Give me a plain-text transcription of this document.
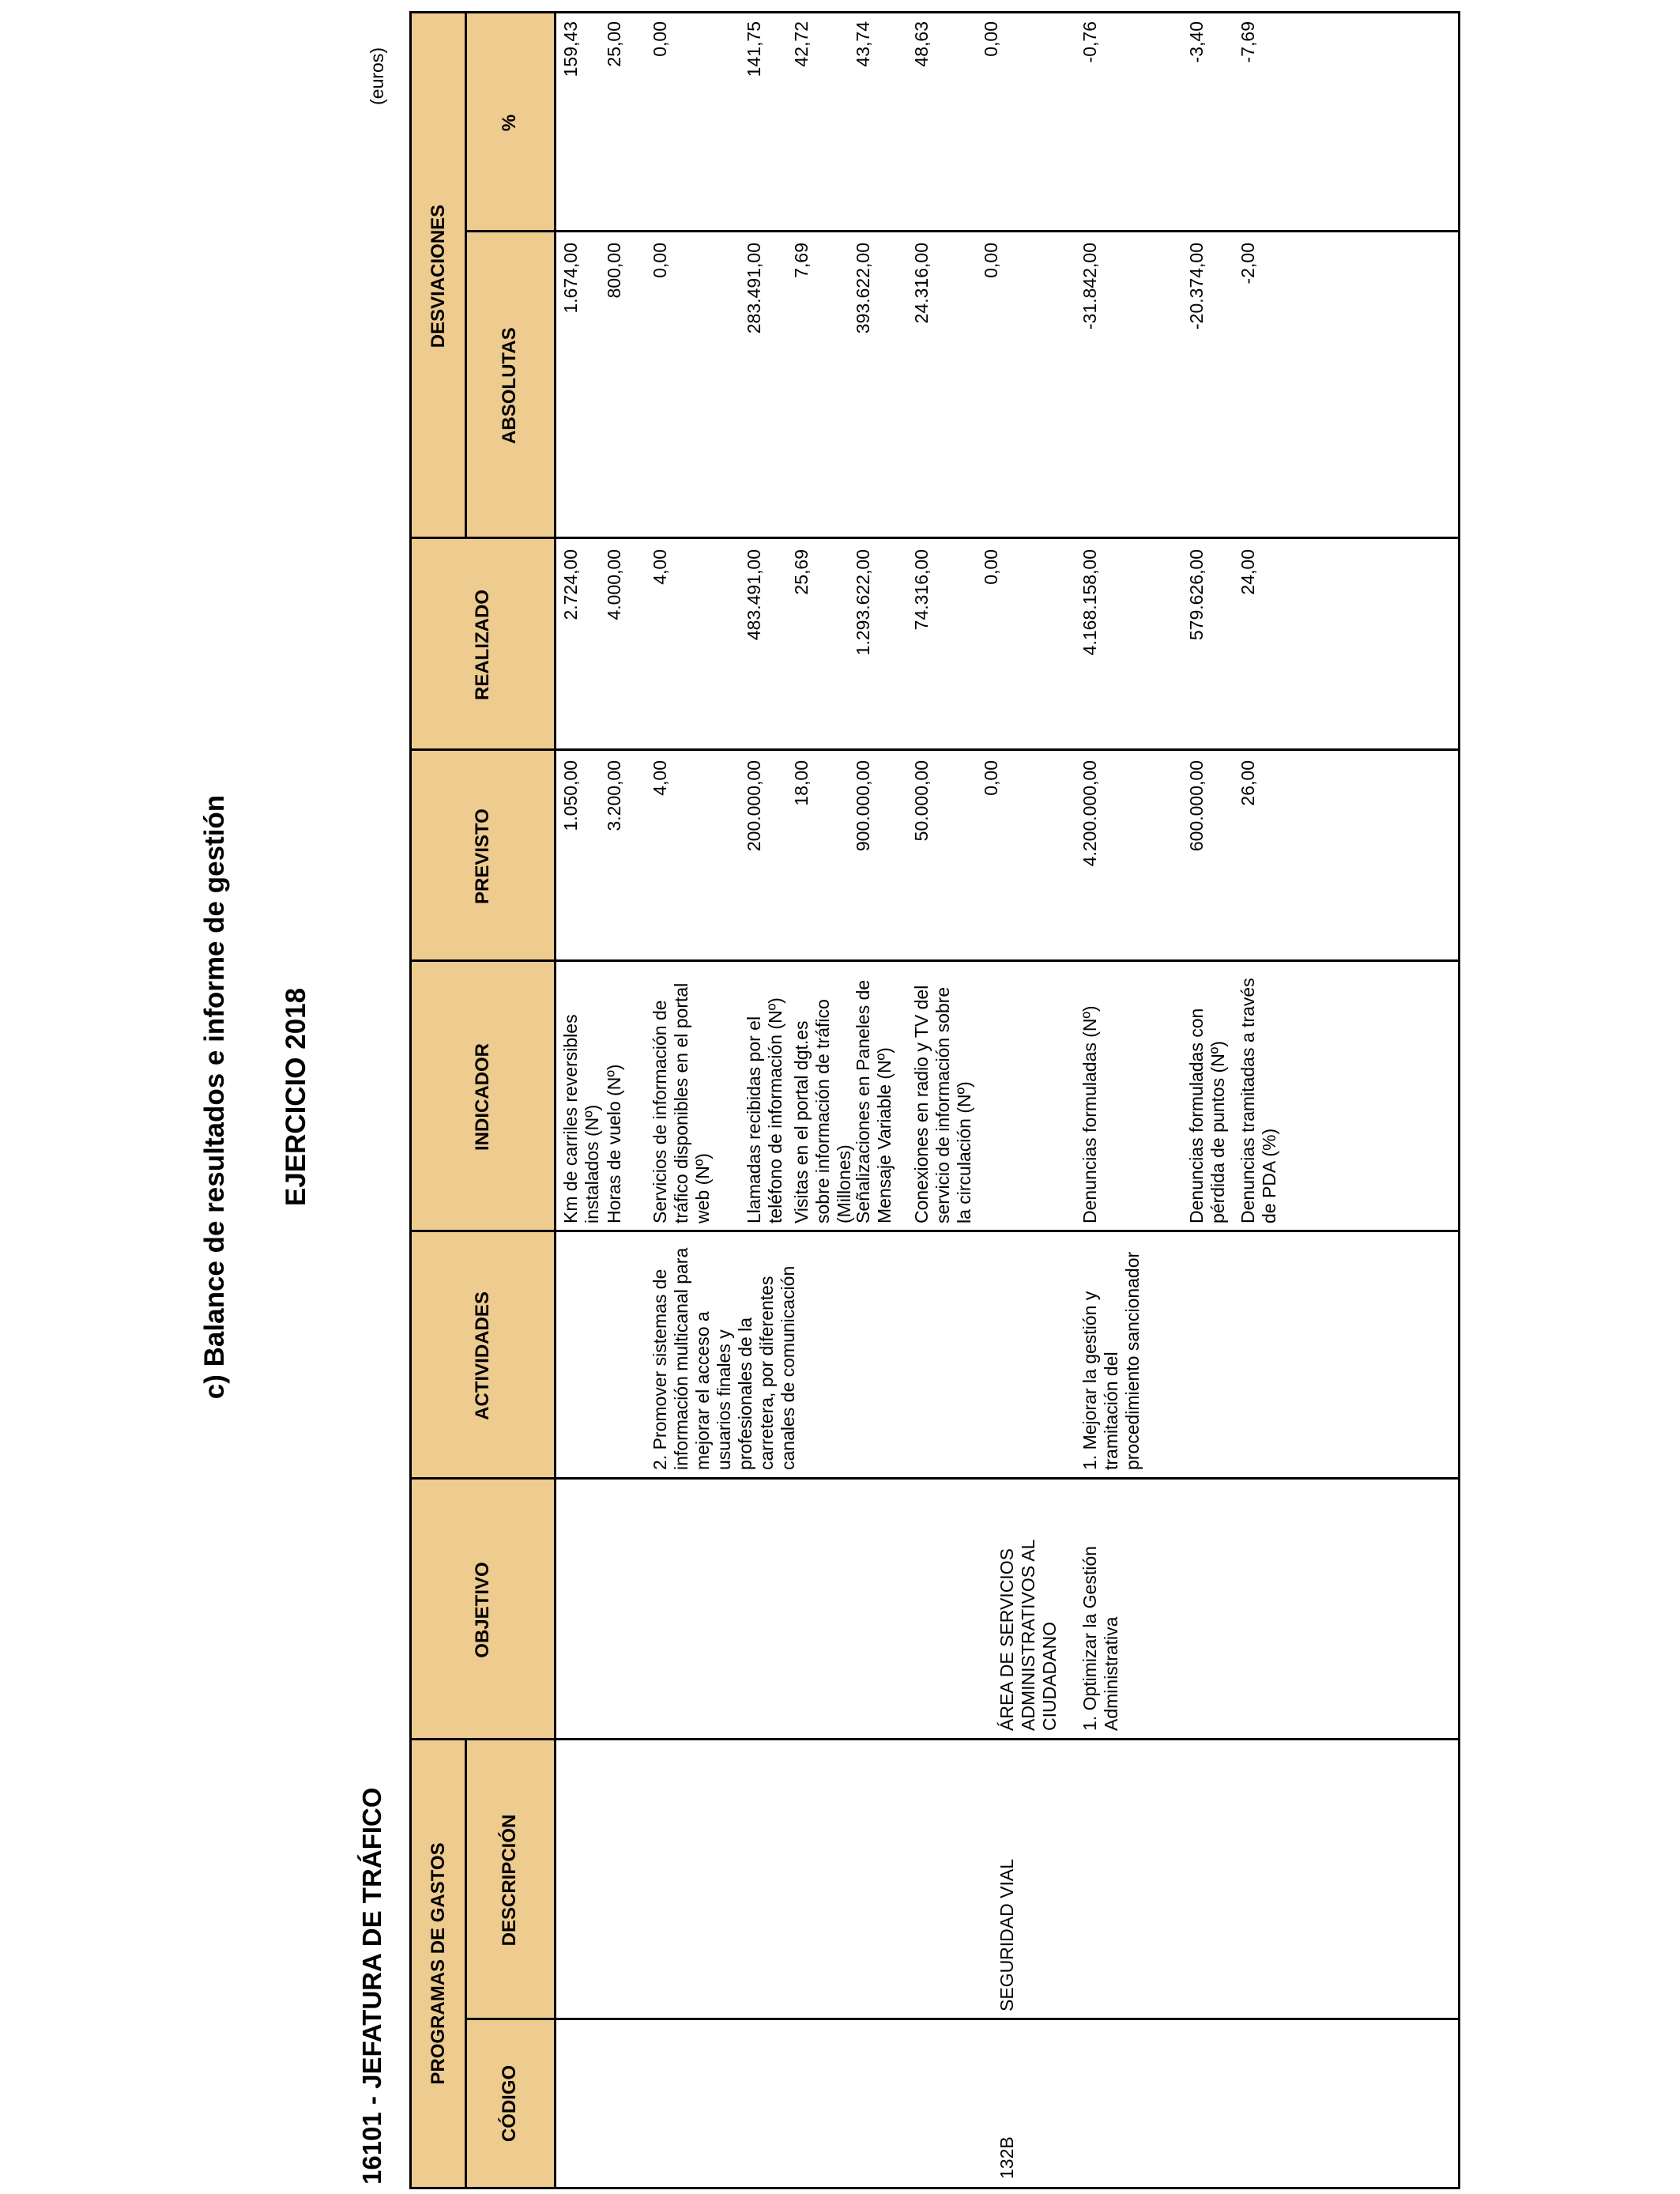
c) Balance de resultados e informe de gestión EJERCICIO 2018
16101 - JEFATURA DE TRÁFICO
(euros)
PROGRAMAS DE GASTOS
CÓDIGO
DESCRIPCIÓN
OBJETIVO
ACTIVIDADES
INDICADOR
PREVISTO
REALIZADO
DESVIACIONES
ABSOLUTAS
%
132B
SEGURIDAD VIAL
ÁREA DE SERVICIOS ADMINISTRATIVOS AL CIUDADANO 1. Optimizar la Gestión Administrativa
2. Promover sistemas de información multicanal para mejorar el acceso a usuarios finales y profesionales de la carretera, por diferentes canales de comunicación	1. Mejorar la gestión y tramitación del procedimiento sancionador
Km de carriles reversibles instalados (Nº)
1.050,00
2.724,00
1.674,00
159,43
Horas de vuelo (Nº)
3.200,00
4.000,00
800,00
25,00
Servicios de información de tráfico disponibles en el portal web (Nº)
4,00
4,00
0,00
0,00
Llamadas recibidas por el teléfono de información (Nº)
200.000,00
483.491,00
283.491,00
141,75
Visitas en el portal dgt.es sobre información de tráfico (Millones)
18,00
25,69
7,69
42,72
Señalizaciones en Paneles de Mensaje Variable (Nº)
900.000,00
1.293.622,00
393.622,00
43,74
Conexiones en radio y TV del servicio de información sobre la circulación (Nº)
50.000,00
74.316,00
24.316,00
48,63
0,00
0,00
0,00
0,00
Denuncias formuladas (Nº)
4.200.000,00
4.168.158,00
-31.842,00
-0,76
Denuncias formuladas con pérdida de puntos (Nº)
600.000,00
579.626,00
-20.374,00
-3,40
Denuncias tramitadas a través de PDA (%)
26,00
24,00
-2,00
-7,69
